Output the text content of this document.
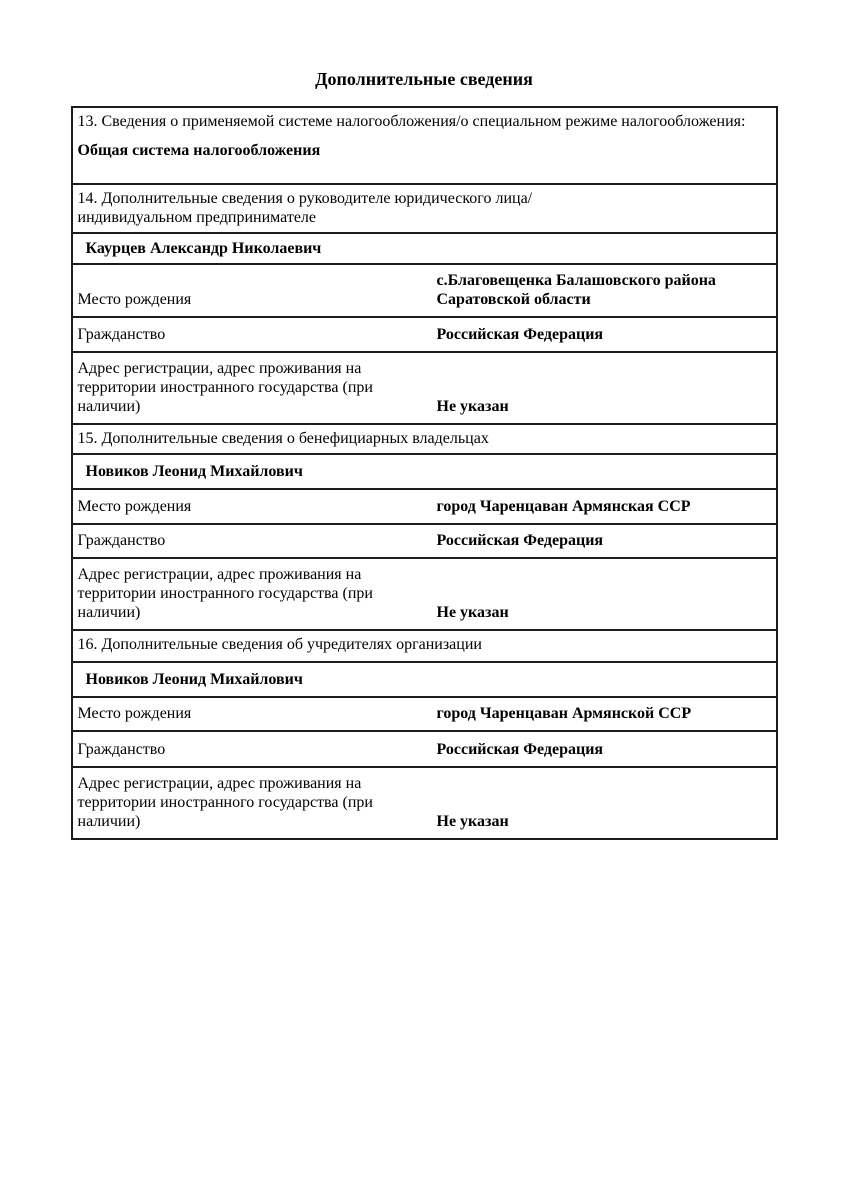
Дополнительные сведения
13. Сведения о применяемой системе налогообложения/о специальном режиме налогообложения:
Общая система налогообложения	

14. Дополнительные сведения о руководителе юридического лица/индивидуальном предпринимателе	

Каурцев Александр Николаевич	
Место рождения	с.Благовещенка Балашовского района Саратовской области
Гражданство	Российская Федерация
Адрес регистрации, адрес проживания на территории иностранного государства (при наличии)	Не указан

15. Дополнительные сведения о бенефициарных владельцах	

Новиков Леонид Михайлович	
Место рождения	город Чаренцаван Армянская ССР
Гражданство	Российская Федерация
Адрес регистрации, адрес проживания на территории иностранного государства (при наличии)	Не указан

16. Дополнительные сведения об учредителях организации	

Новиков Леонид Михайлович	
Место рождения	город Чаренцаван Армянской ССР
Гражданство	Российская Федерация
Адрес регистрации, адрес проживания на территории иностранного государства (при наличии)	Не указан
